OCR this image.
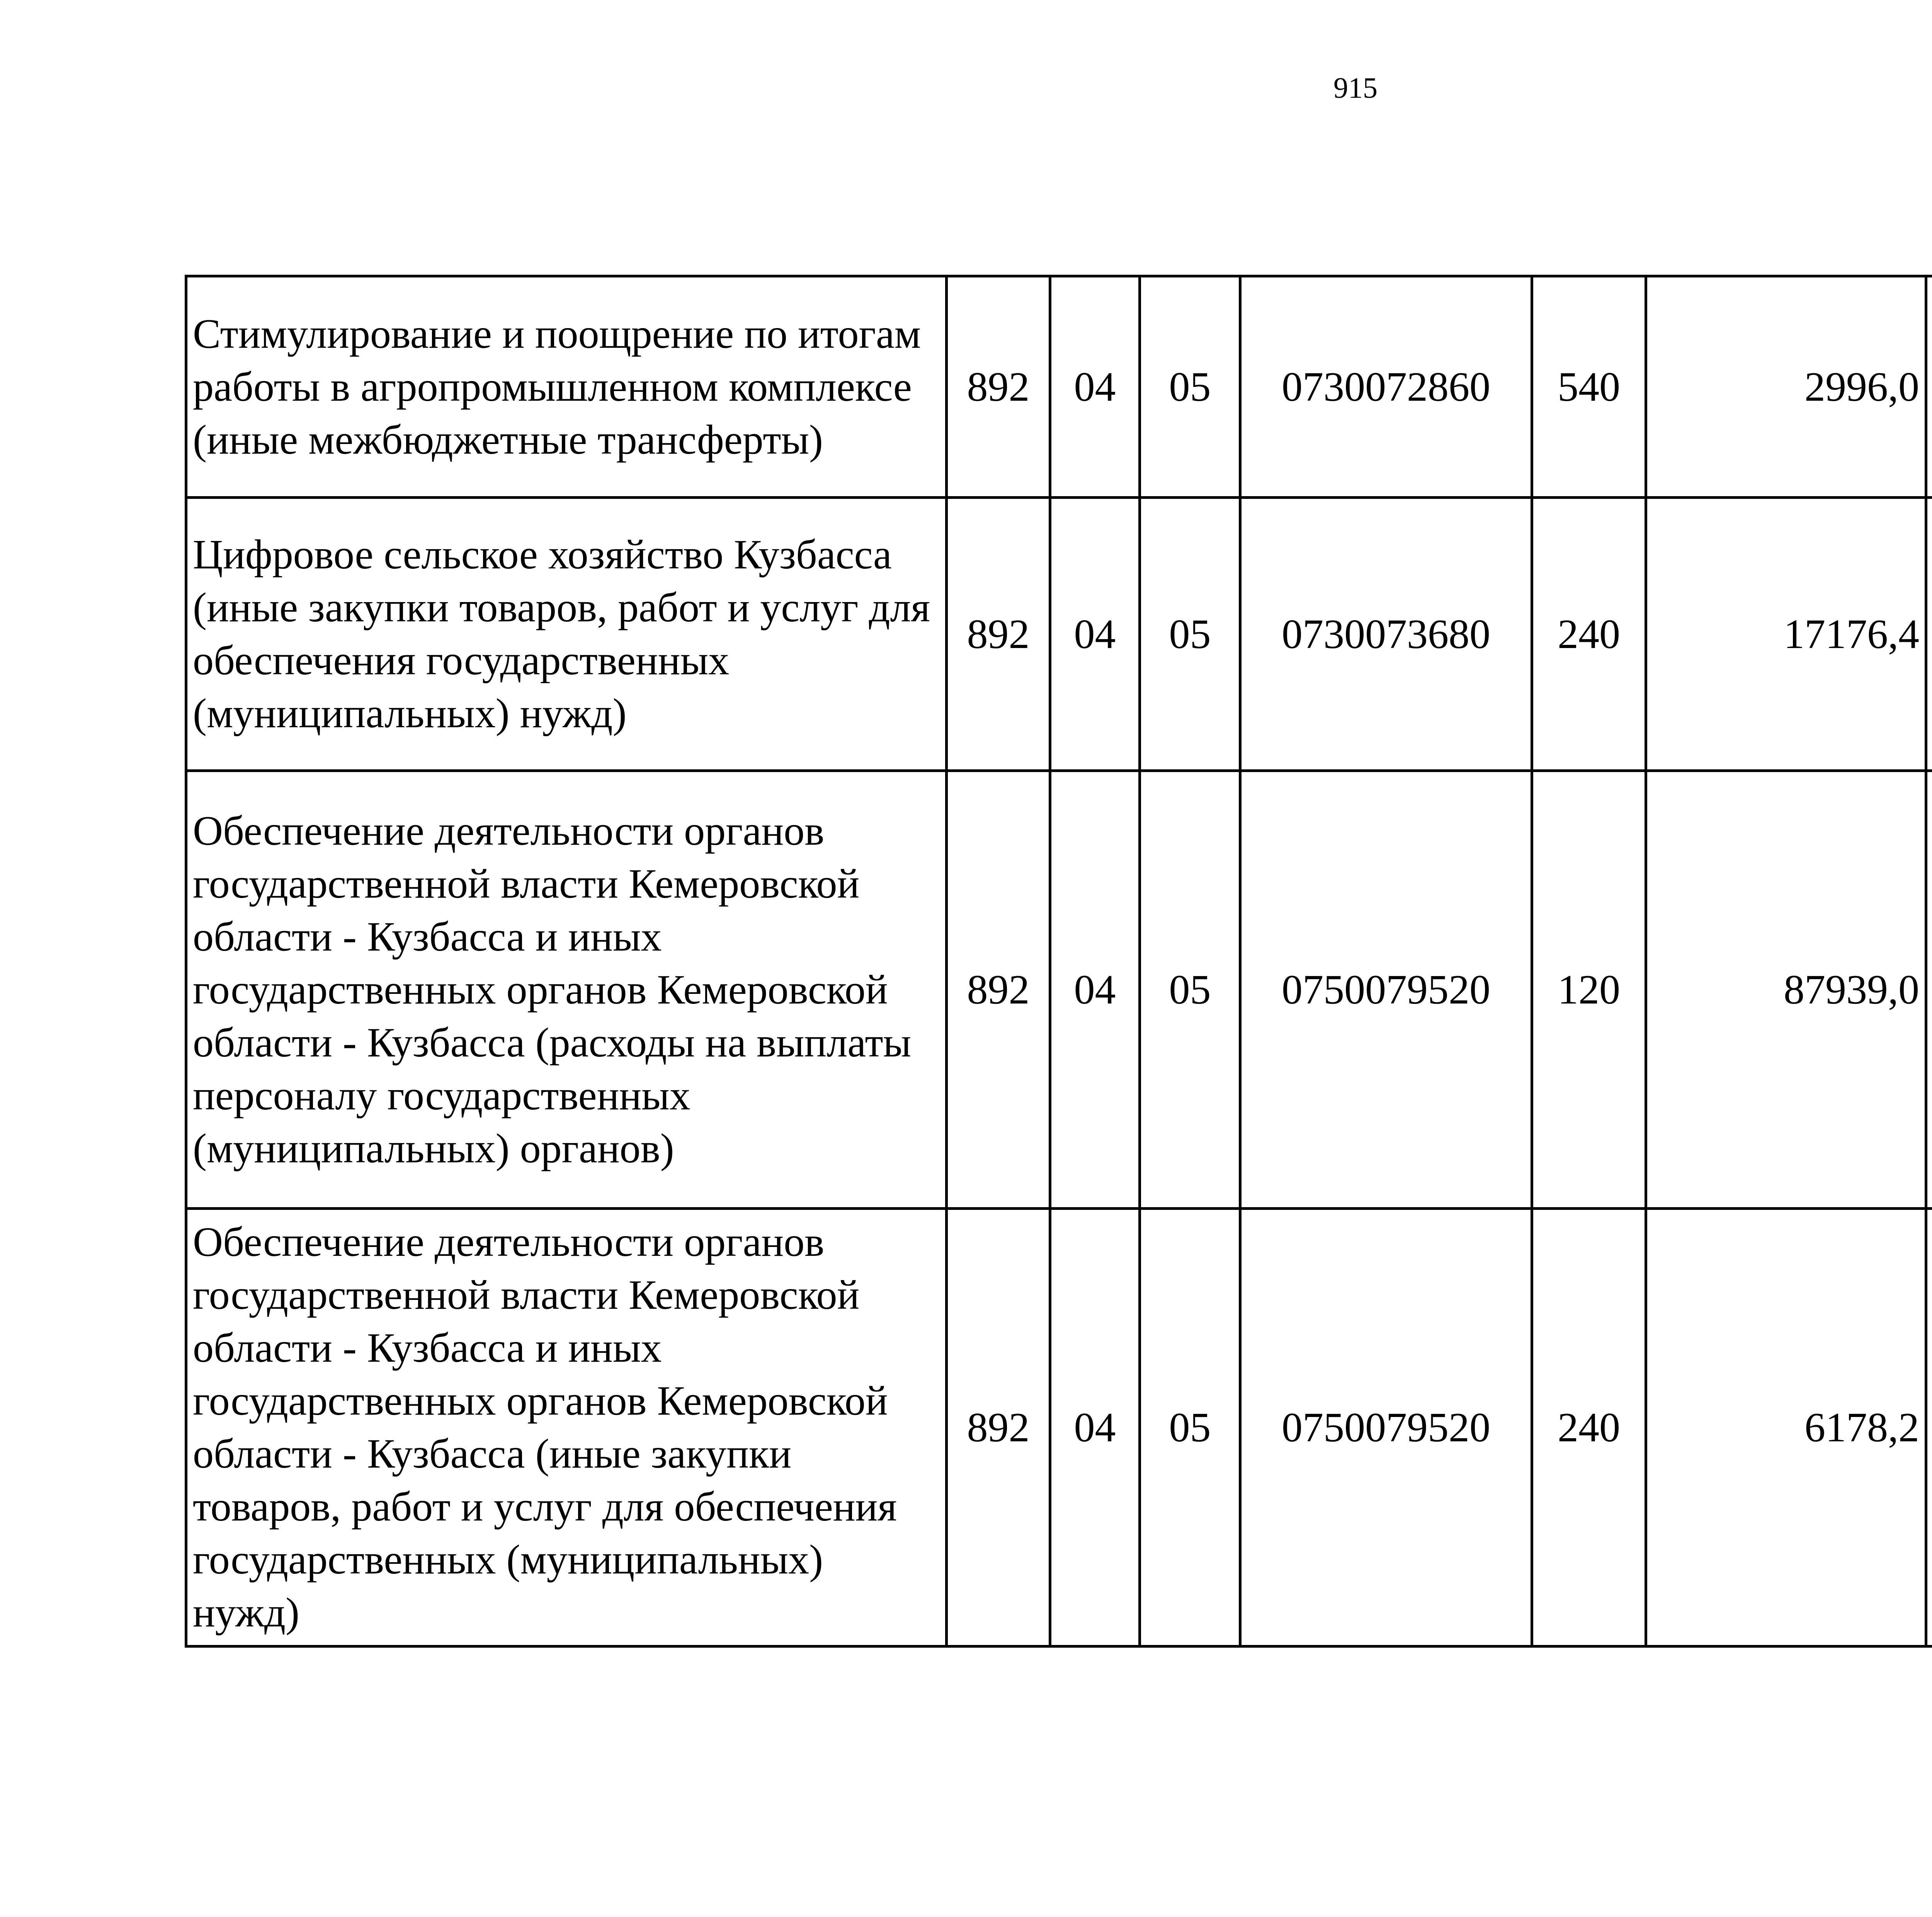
915
Стимулирование и поощрение по итогам работы в агропромышленном комплексе (иные межбюджетные трансферты)	892	04	05	0730072860	540	2996,0		
Цифровое сельское хозяйство Кузбасса (иные закупки товаров, работ и услуг для обеспечения государственных (муниципальных) нужд)	892	04	05	0730073680	240	17176,4		
Обеспечение деятельности органов государственной власти Кемеровской области - Кузбасса и иных государственных органов Кемеровской области - Кузбасса (расходы на выплаты персоналу государственных (муниципальных) органов)	892	04	05	0750079520	120	87939,0		
Обеспечение деятельности органов государственной власти Кемеровской области - Кузбасса и иных государственных органов Кемеровской области - Кузбасса (иные закупки товаров, работ и услуг для обеспечения государственных (муниципальных) нужд)	892	04	05	0750079520	240	6178,2		
